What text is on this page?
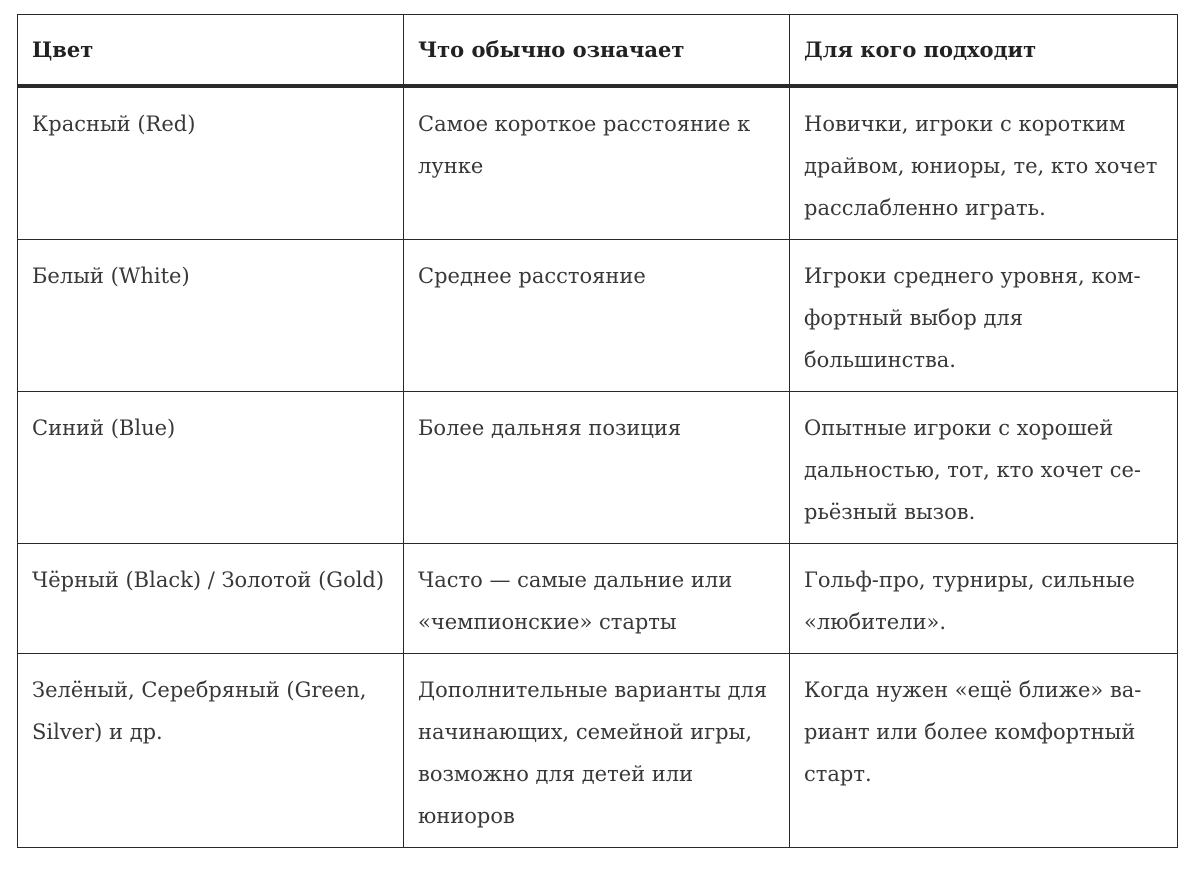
Цвет	Что обычно означает	Для кого подходит
Красный (Red)	Самое короткое расстояние к лунке	Новички, игроки с коротким драйвом, юниоры, те, кто хочет расслабленно играть.
Белый (White)	Среднее расстояние	Игроки среднего уровня, комфортный выбор для большинства.
Синий (Blue)	Более дальняя позиция	Опытные игроки с хорошей дальностью, тот, кто хочет серьёзный вызов.
Чёрный (Black) / Золотой (Gold)	Часто — самые дальние или «чемпионские» старты	Гольф-про, турниры, сильные «любители».
Зелёный, Серебряный (Green, Silver) и др.	Дополнительные варианты для начинающих, семейной игры, возможно для детей или юниоров	Когда нужен «ещё ближе» вариант или более комфортный старт.
